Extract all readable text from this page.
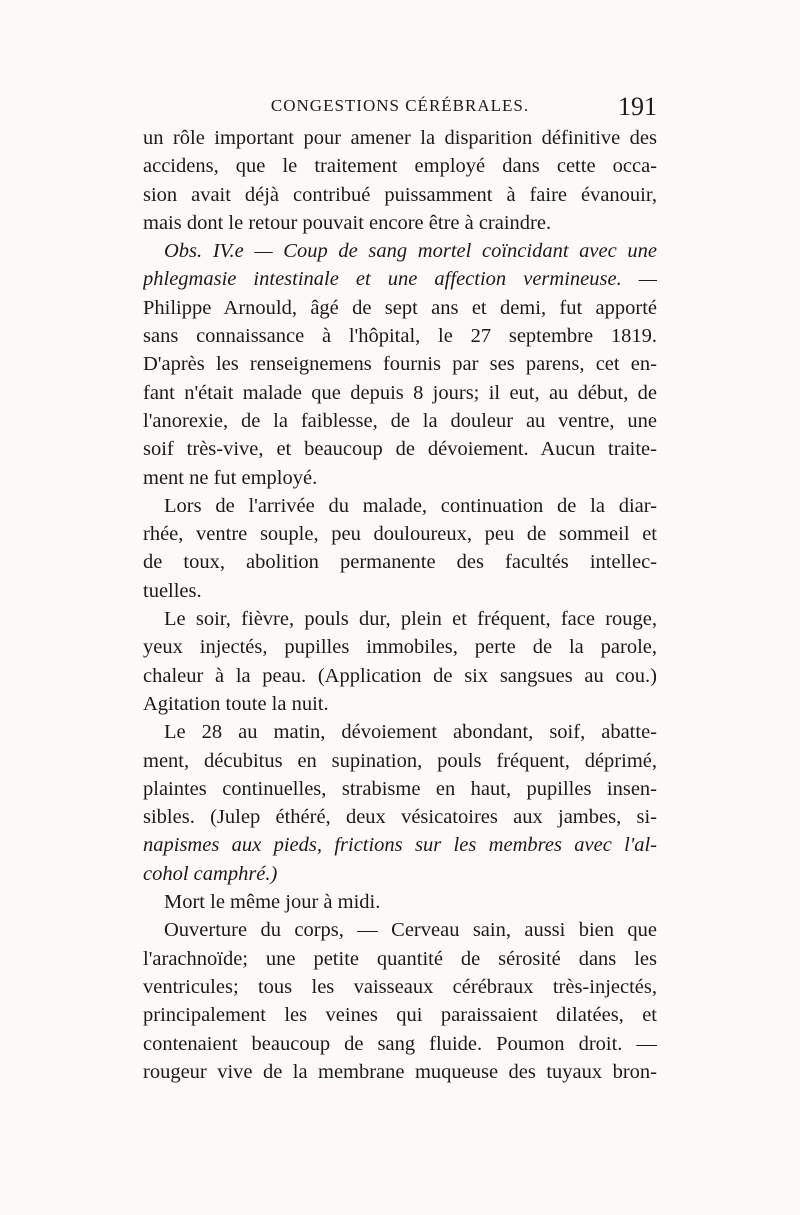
CONGESTIONS CÉRÉBRALES.	191
un rôle important pour amener la disparition définitive des
accidens, que le traitement employé dans cette occa-
sion avait déjà contribué puissamment à faire évanouir,
mais dont le retour pouvait encore être à craindre.
Obs. IV.e — Coup de sang mortel coïncidant avec une
phlegmasie intestinale et une affection vermineuse. —
Philippe Arnould, âgé de sept ans et demi, fut apporté
sans connaissance à l'hôpital, le 27 septembre 1819.
D'après les renseignemens fournis par ses parens, cet en-
fant n'était malade que depuis 8 jours; il eut, au début, de
l'anorexie, de la faiblesse, de la douleur au ventre, une
soif très-vive, et beaucoup de dévoiement. Aucun traite-
ment ne fut employé.
Lors de l'arrivée du malade, continuation de la diar-
rhée, ventre souple, peu douloureux, peu de sommeil et
de toux, abolition permanente des facultés intellec-
tuelles.
Le soir, fièvre, pouls dur, plein et fréquent, face rouge,
yeux injectés, pupilles immobiles, perte de la parole,
chaleur à la peau. (Application de six sangsues au cou.)
Agitation toute la nuit.
Le 28 au matin, dévoiement abondant, soif, abatte-
ment, décubitus en supination, pouls fréquent, déprimé,
plaintes continuelles, strabisme en haut, pupilles insen-
sibles. (Julep éthéré, deux vésicatoires aux jambes, si-
napismes aux pieds, frictions sur les membres avec l'al-
cohol camphré.)
Mort le même jour à midi.
Ouverture du corps, — Cerveau sain, aussi bien que
l'arachnoïde; une petite quantité de sérosité dans les
ventricules; tous les vaisseaux cérébraux très-injectés,
principalement les veines qui paraissaient dilatées, et
contenaient beaucoup de sang fluide. Poumon droit. —
rougeur vive de la membrane muqueuse des tuyaux bron-
